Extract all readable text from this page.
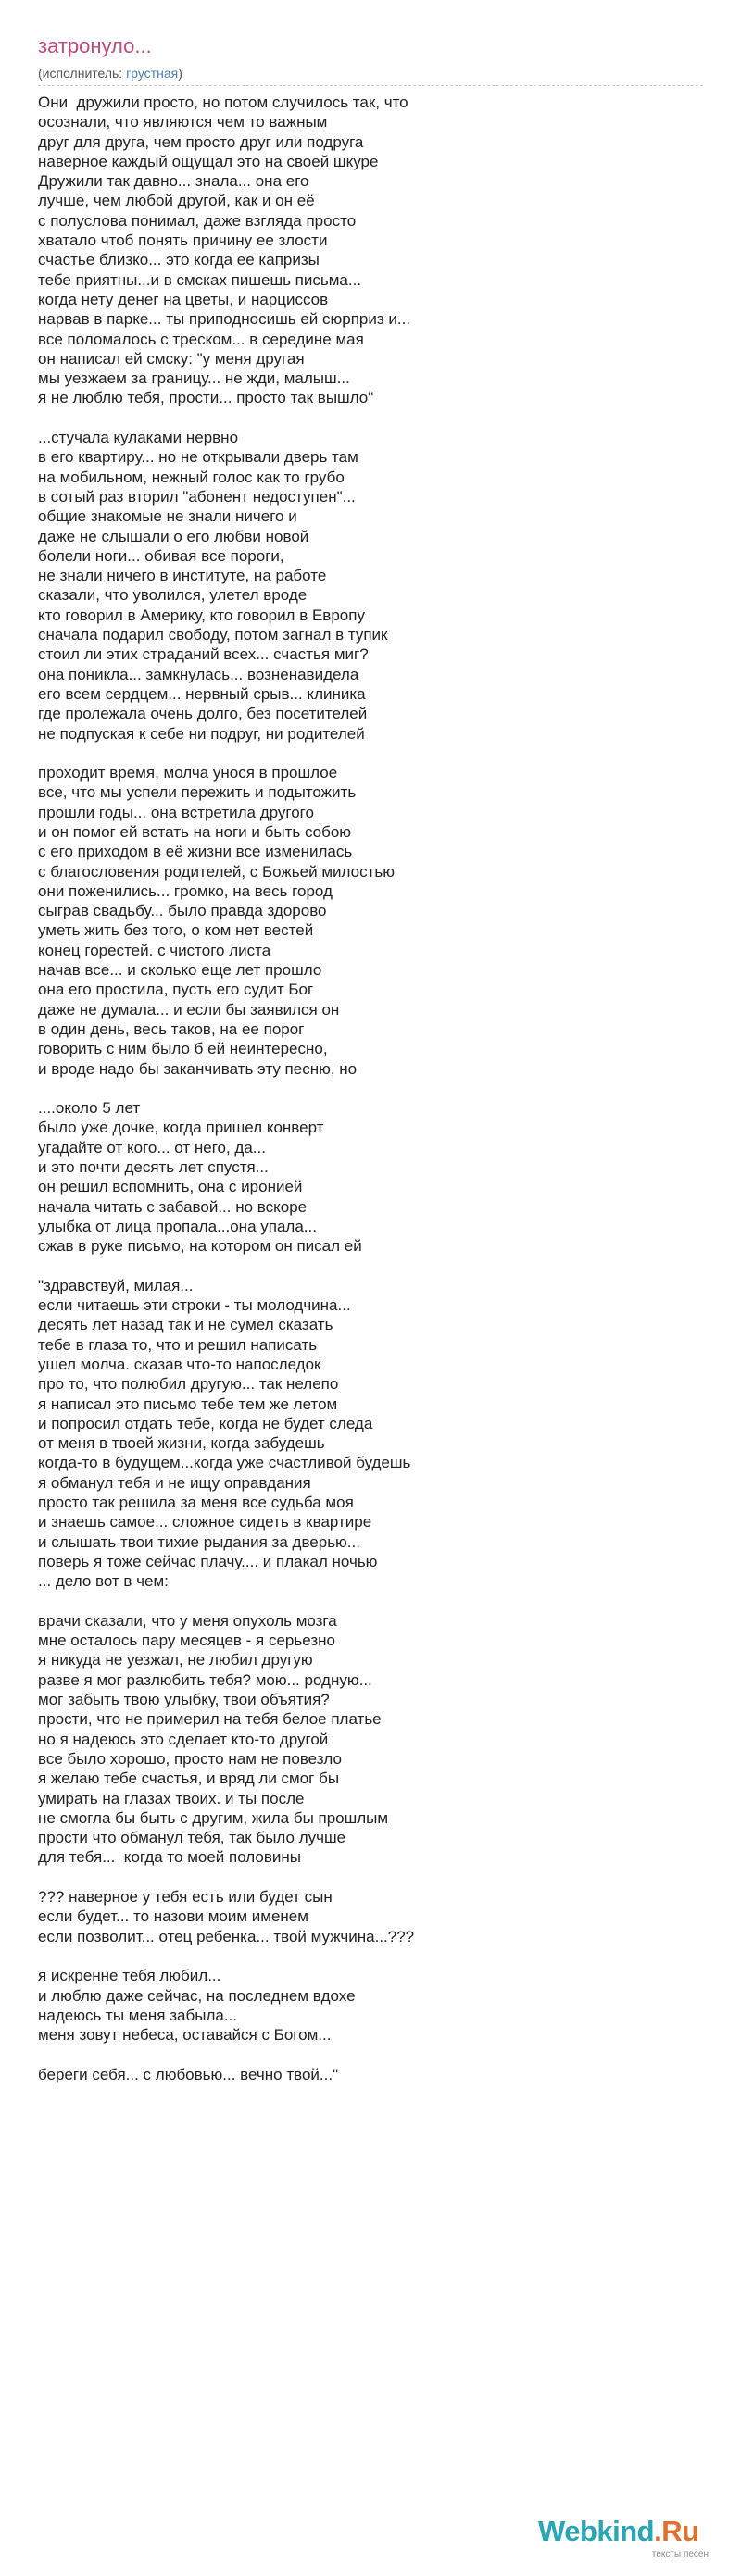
затронуло...
(исполнитель: грустная)
Они  дружили просто, но потом случилось так, что
осознали, что являются чем то важным
друг для друга, чем просто друг или подруга
наверное каждый ощущал это на своей шкуре
Дружили так давно... знала... она его
лучше, чем любой другой, как и он её
с полуслова понимал, даже взгляда просто
хватало чтоб понять причину ее злости
счастье близко... это когда ее капризы
тебе приятны...и в смсках пишешь письма...
когда нету денег на цветы, и нарциссов
нарвав в парке... ты приподносишь ей сюрприз и...
все поломалось с треском... в середине мая
он написал ей смску: "у меня другая
мы уезжаем за границу... не жди, малыш...
я не люблю тебя, прости... просто так вышло"
...стучала кулаками нервно
в его квартиру... но не открывали дверь там
на мобильном, нежный голос как то грубо
в сотый раз вторил "абонент недоступен"...
общие знакомые не знали ничего и
даже не слышали о его любви новой
болели ноги... обивая все пороги,
не знали ничего в институте, на работе
сказали, что уволился, улетел вроде
кто говорил в Америку, кто говорил в Европу
сначала подарил свободу, потом загнал в тупик
стоил ли этих страданий всех... счастья миг?
она поникла... замкнулась... возненавидела
его всем сердцем... нервный срыв... клиника
где пролежала очень долго, без посетителей
не подпуская к себе ни подруг, ни родителей
проходит время, молча унося в прошлое
все, что мы успели пережить и подытожить
прошли годы... она встретила другого
и он помог ей встать на ноги и быть собою
с его приходом в её жизни все изменилась
с благословения родителей, с Божьей милостью
они поженились... громко, на весь город
сыграв свадьбу... было правда здорово
уметь жить без того, о ком нет вестей
конец горестей. с чистого листа
начав все... и сколько еще лет прошло
она его простила, пусть его судит Бог
даже не думала... и если бы заявился он
в один день, весь таков, на ее порог
говорить с ним было б ей неинтересно,
и вроде надо бы заканчивать эту песню, но
....около 5 лет
было уже дочке, когда пришел конверт
угадайте от кого... от него, да...
и это почти десять лет спустя...
он решил вспомнить, она с иронией
начала читать с забавой... но вскоре
улыбка от лица пропала...она упала...
сжав в руке письмо, на котором он писал ей
"здравствуй, милая...
если читаешь эти строки - ты молодчина...
десять лет назад так и не сумел сказать
тебе в глаза то, что и решил написать
ушел молча. сказав что-то напоследок
про то, что полюбил другую... так нелепо
я написал это письмо тебе тем же летом
и попросил отдать тебе, когда не будет следа
от меня в твоей жизни, когда забудешь
когда-то в будущем...когда уже счастливой будешь
я обманул тебя и не ищу оправдания
просто так решила за меня все судьба моя
и знаешь самое... сложное сидеть в квартире
и слышать твои тихие рыдания за дверью...
поверь я тоже сейчас плачу.... и плакал ночью
... дело вот в чем:
врачи сказали, что у меня опухоль мозга
мне осталось пару месяцев - я серьезно
я никуда не уезжал, не любил другую
разве я мог разлюбить тебя? мою... родную...
мог забыть твою улыбку, твои объятия?
прости, что не примерил на тебя белое платье
но я надеюсь это сделает кто-то другой
все было хорошо, просто нам не повезло
я желаю тебе счастья, и вряд ли смог бы
умирать на глазах твоих. и ты после
не смогла бы быть с другим, жила бы прошлым
прости что обманул тебя, так было лучше
для тебя...  когда то моей половины
??? наверное у тебя есть или будет сын
если будет... то назови моим именем
если позволит... отец ребенка... твой мужчина...???
я искренне тебя любил...
и люблю даже сейчас, на последнем вдохе
надеюсь ты меня забыла...
меня зовут небеса, оставайся с Богом...
береги себя... с любовью... вечно твой..."
Webkind.Ru
тексты песен
